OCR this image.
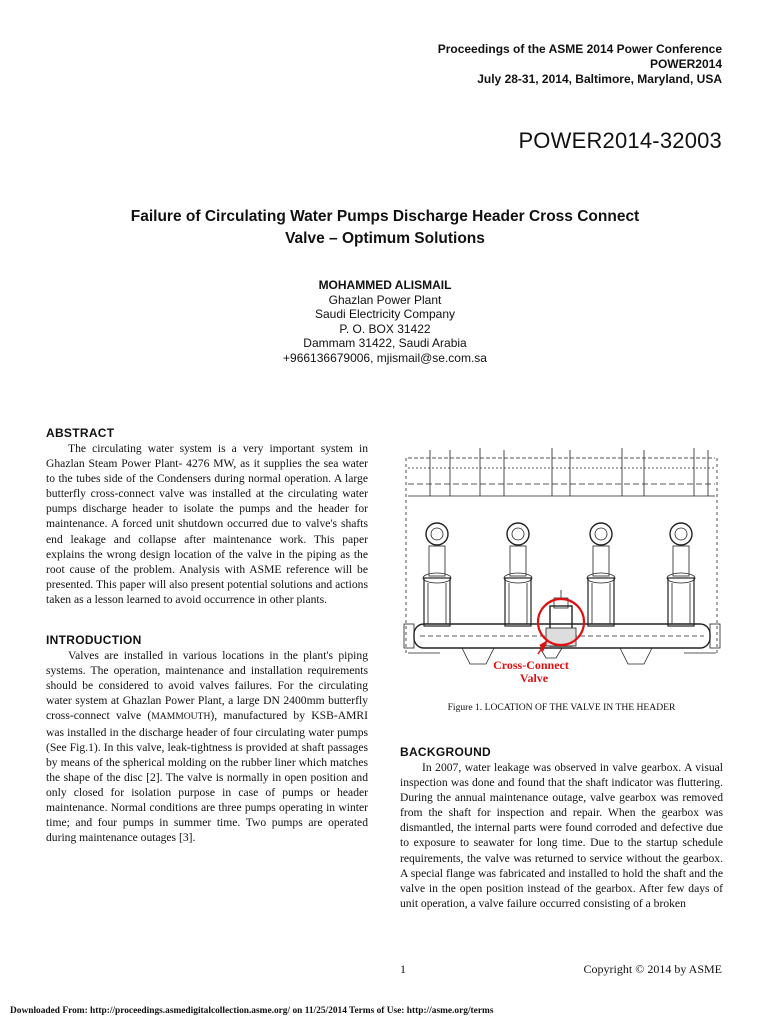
Proceedings of the ASME 2014 Power Conference
POWER2014
July 28-31, 2014, Baltimore, Maryland, USA
POWER2014-32003
Failure of Circulating Water Pumps Discharge Header Cross Connect
Valve – Optimum Solutions
MOHAMMED ALISMAIL
Ghazlan Power Plant
Saudi Electricity Company
P. O. BOX 31422
Dammam 31422, Saudi Arabia
+966136679006, mjismail@se.com.sa
ABSTRACT

The circulating water system is a very important system in Ghazlan Steam Power Plant- 4276 MW, as it supplies the sea water to the tubes side of the Condensers during normal operation. A large butterfly cross-connect valve was installed at the circulating water pumps discharge header to isolate the pumps and the header for maintenance. A forced unit shutdown occurred due to valve's shafts end leakage and collapse after maintenance work. This paper explains the wrong design location of the valve in the piping as the root cause of the problem. Analysis with ASME reference will be presented. This paper will also present potential solutions and actions taken as a lesson learned to avoid occurrence in other plants.

INTRODUCTION

Valves are installed in various locations in the plant's piping systems. The operation, maintenance and installation requirements should be considered to avoid valves failures. For the circulating water system at Ghazlan Power Plant, a large DN 2400mm butterfly cross-connect valve (MAMMOUTH), manufactured by KSB-AMRI was installed in the discharge header of four circulating water pumps (See Fig.1). In this valve, leak-tightness is provided at shaft passages by means of the spherical molding on the rubber liner which matches the shape of the disc [2]. The valve is normally in open position and only closed for isolation purpose in case of pumps or header maintenance. Normal conditions are three pumps operating in winter time; and four pumps in summer time. Two pumps are operated during maintenance outages [3].

Cross-Connect
Valve
Figure 1. LOCATION OF THE VALVE IN THE HEADER
BACKGROUND

In 2007, water leakage was observed in valve gearbox. A visual inspection was done and found that the shaft indicator was fluttering. During the annual maintenance outage, valve gearbox was removed from the shaft for inspection and repair. When the gearbox was dismantled, the internal parts were found corroded and defective due to exposure to seawater for long time. Due to the startup schedule requirements, the valve was returned to service without the gearbox. A special flange was fabricated and installed to hold the shaft and the valve in the open position instead of the gearbox. After few days of unit operation, a valve failure occurred consisting of a broken

1	Copyright © 2014 by ASME
Downloaded From: http://proceedings.asmedigitalcollection.asme.org/ on 11/25/2014 Terms of Use: http://asme.org/terms
